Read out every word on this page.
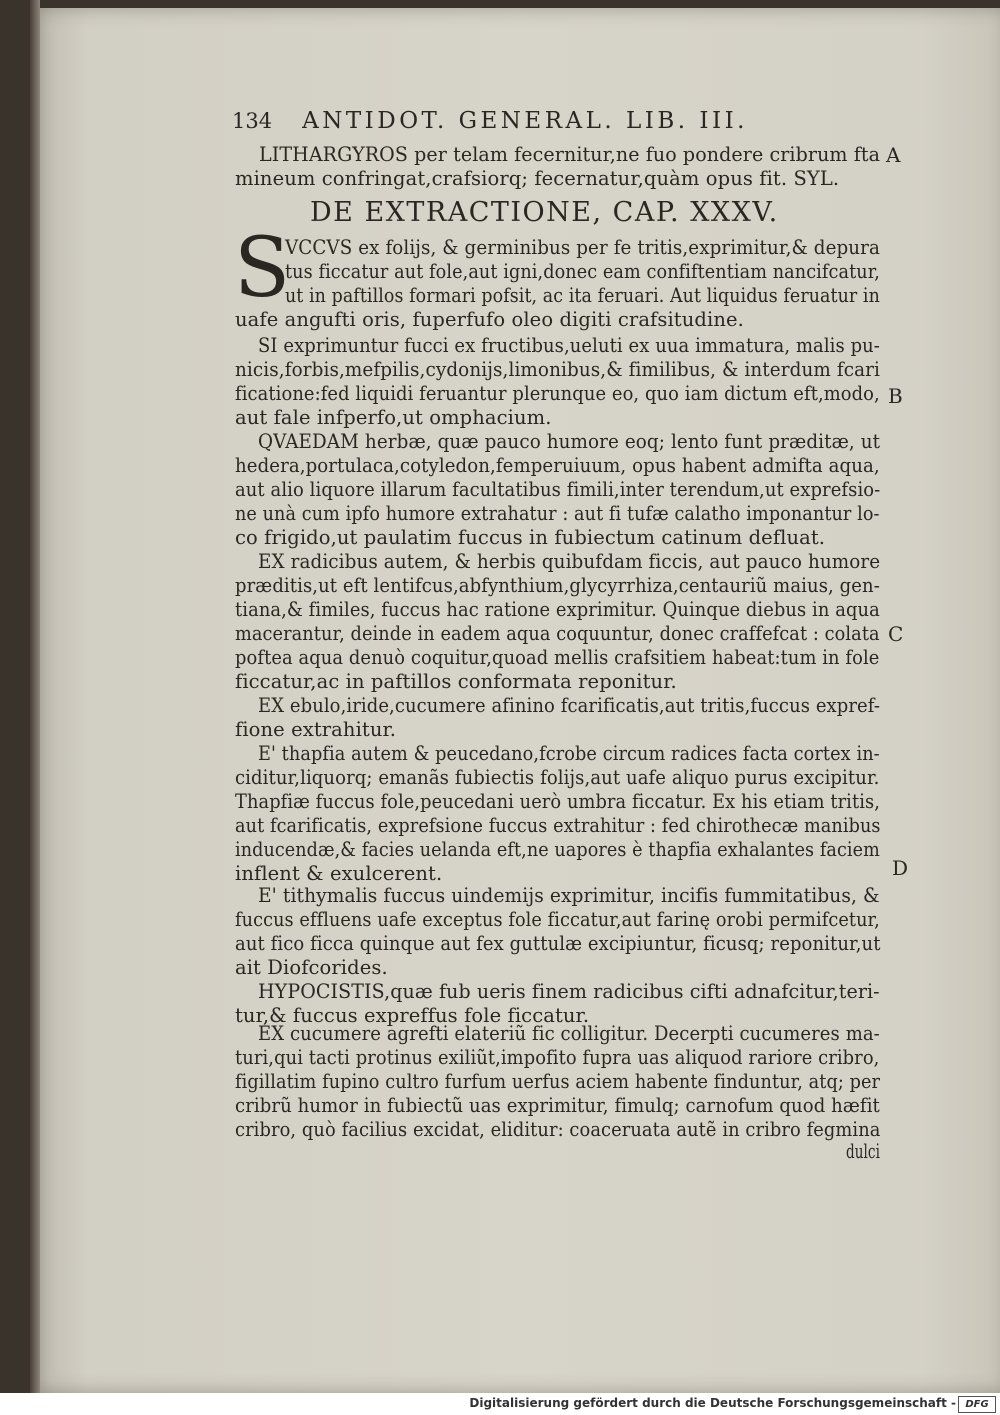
134 ANTIDOT. GENERAL. LIB. III.
LITHARGYROS per telam fecernitur,ne fuo pondere cribrum fta
mineum confringat,crafsiorq; fecernatur,quàm opus fit. SYL.
A
DE EXTRACTIONE, CAP. XXXV.
S
VCCVS ex folijs, & germinibus per fe tritis,exprimitur,& depura
tus ficcatur aut fole,aut igni,donec eam confiftentiam nancifcatur,
ut in paftillos formari pofsit, ac ita feruari. Aut liquidus feruatur in
uafe angufti oris, fuperfufo oleo digiti crafsitudine.
SI exprimuntur fucci ex fructibus,ueluti ex uua immatura, malis pu-
nicis,forbis,mefpilis,cydonijs,limonibus,& fimilibus, & interdum fcari
ficatione:fed liquidi feruantur plerunque eo, quo iam dictum eft,modo,
aut fale infperfo,ut omphacium.
B
QVAEDAM herbæ, quæ pauco humore eoq; lento funt præditæ, ut
hedera,portulaca,cotyledon,femperuiuum, opus habent admifta aqua,
aut alio liquore illarum facultatibus fimili,inter terendum,ut exprefsio-
ne unà cum ipfo humore extrahatur : aut fi tufæ calatho imponantur lo-
co frigido,ut paulatim fuccus in fubiectum catinum defluat.
EX radicibus autem, & herbis quibufdam ficcis, aut pauco humore
præditis,ut eft lentifcus,abfynthium,glycyrrhiza,centauriũ maius, gen-
tiana,& fimiles, fuccus hac ratione exprimitur. Quinque diebus in aqua
macerantur, deinde in eadem aqua coquuntur, donec craffefcat : colata
poftea aqua denuò coquitur,quoad mellis crafsitiem habeat:tum in fole
ficcatur,ac in paftillos conformata reponitur.
C
EX ebulo,iride,cucumere afinino fcarificatis,aut tritis,fuccus expref-
fione extrahitur.
E' thapfia autem & peucedano,fcrobe circum radices facta cortex in-
ciditur,liquorq; emanãs fubiectis folijs,aut uafe aliquo purus excipitur.
Thapfiæ fuccus fole,peucedani uerò umbra ficcatur. Ex his etiam tritis,
aut fcarificatis, exprefsione fuccus extrahitur : fed chirothecæ manibus
inducendæ,& facies uelanda eft,ne uapores è thapfia exhalantes faciem
inflent & exulcerent.	D
E' tithymalis fuccus uindemijs exprimitur, incifis fummitatibus, &
fuccus effluens uafe exceptus fole ficcatur,aut farinę orobi permifcetur,
aut fico ficca quinque aut fex guttulæ excipiuntur, ficusq; reponitur,ut
ait Diofcorides.
HYPOCISTIS,quæ fub ueris finem radicibus cifti adnafcitur,teri-
tur,& fuccus expreffus fole ficcatur.
EX cucumere agrefti elateriũ fic colligitur. Decerpti cucumeres ma-
turi,qui tacti protinus exiliũt,impofito fupra uas aliquod rariore cribro,
figillatim fupino cultro furfum uerfus aciem habente finduntur, atq; per
cribrũ humor in fubiectũ uas exprimitur, fimulq; carnofum quod hæfit
cribro, quò facilius excidat, eliditur: coaceruata autẽ in cribro fegmina
dulci
Digitalisierung gefördert durch die Deutsche Forschungsgemeinschaft - DFG
